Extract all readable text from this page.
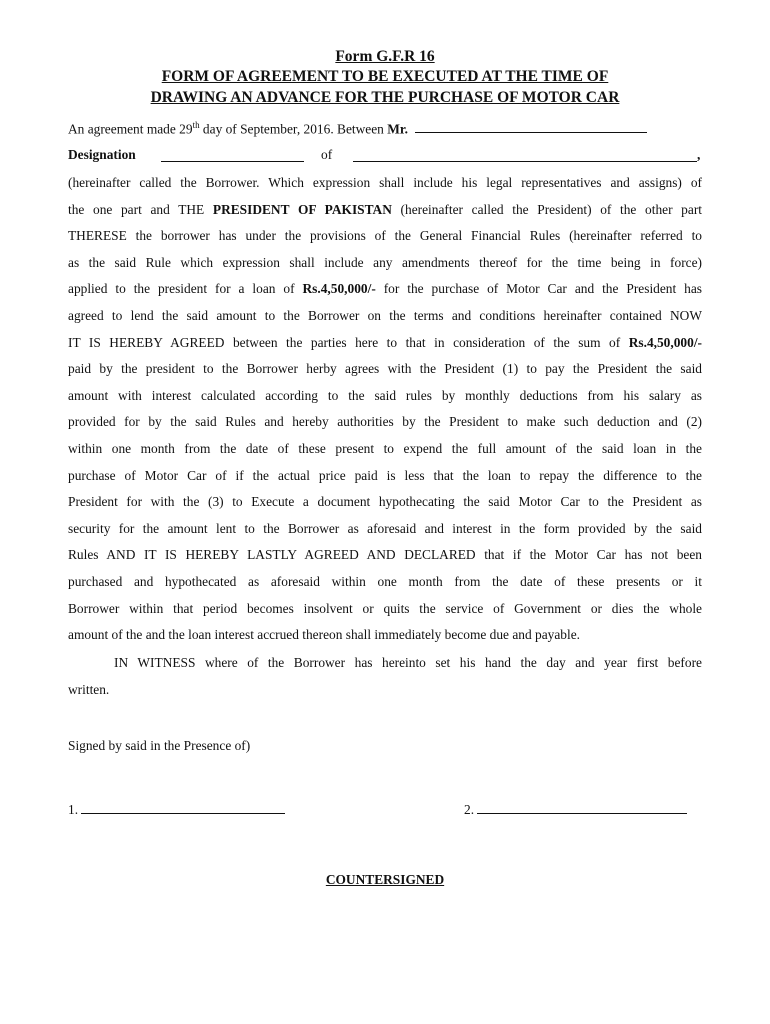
Form G.F.R 16
FORM OF AGREEMENT TO BE EXECUTED AT THE TIME OF
DRAWING AN ADVANCE FOR THE PURCHASE OF MOTOR CAR
An agreement made 29th day of September, 2016. Between Mr.
Designation	of	,
(hereinafter called the Borrower. Which expression shall include his legal representatives and assigns) of
the one part and THE PRESIDENT OF PAKISTAN (hereinafter called the President) of the other part
THERESE the borrower has under the provisions of the General Financial Rules (hereinafter referred to
as the said Rule which expression shall include any amendments thereof for the time being in force)
applied to the president for a loan of Rs.4,50,000/- for the purchase of Motor Car and the President has
agreed to lend the said amount to the Borrower on the terms and conditions hereinafter contained NOW
IT IS HEREBY AGREED between the parties here to that in consideration of the sum of Rs.4,50,000/-
paid by the president to the Borrower herby agrees with the President (1) to pay the President the said
amount with interest calculated according to the said rules by monthly deductions from his salary as
provided for by the said Rules and hereby authorities by the President to make such deduction and (2)
within one month from the date of these present to expend the full amount of the said loan in the
purchase of Motor Car of if the actual price paid is less that the loan to repay the difference to the
President for with the (3) to Execute a document hypothecating the said Motor Car to the President as
security for the amount lent to the Borrower as aforesaid and interest in the form provided by the said
Rules AND IT IS HEREBY LASTLY AGREED AND DECLARED that if the Motor Car has not been
purchased and hypothecated as aforesaid within one month from the date of these presents or it
Borrower within that period becomes insolvent or quits the service of Government or dies the whole
amount of the and the loan interest accrued thereon shall immediately become due and payable.
IN WITNESS where of the Borrower has hereinto set his hand the day and year first before
written.
Signed by said in the Presence of)
1.	2.
COUNTERSIGNED
